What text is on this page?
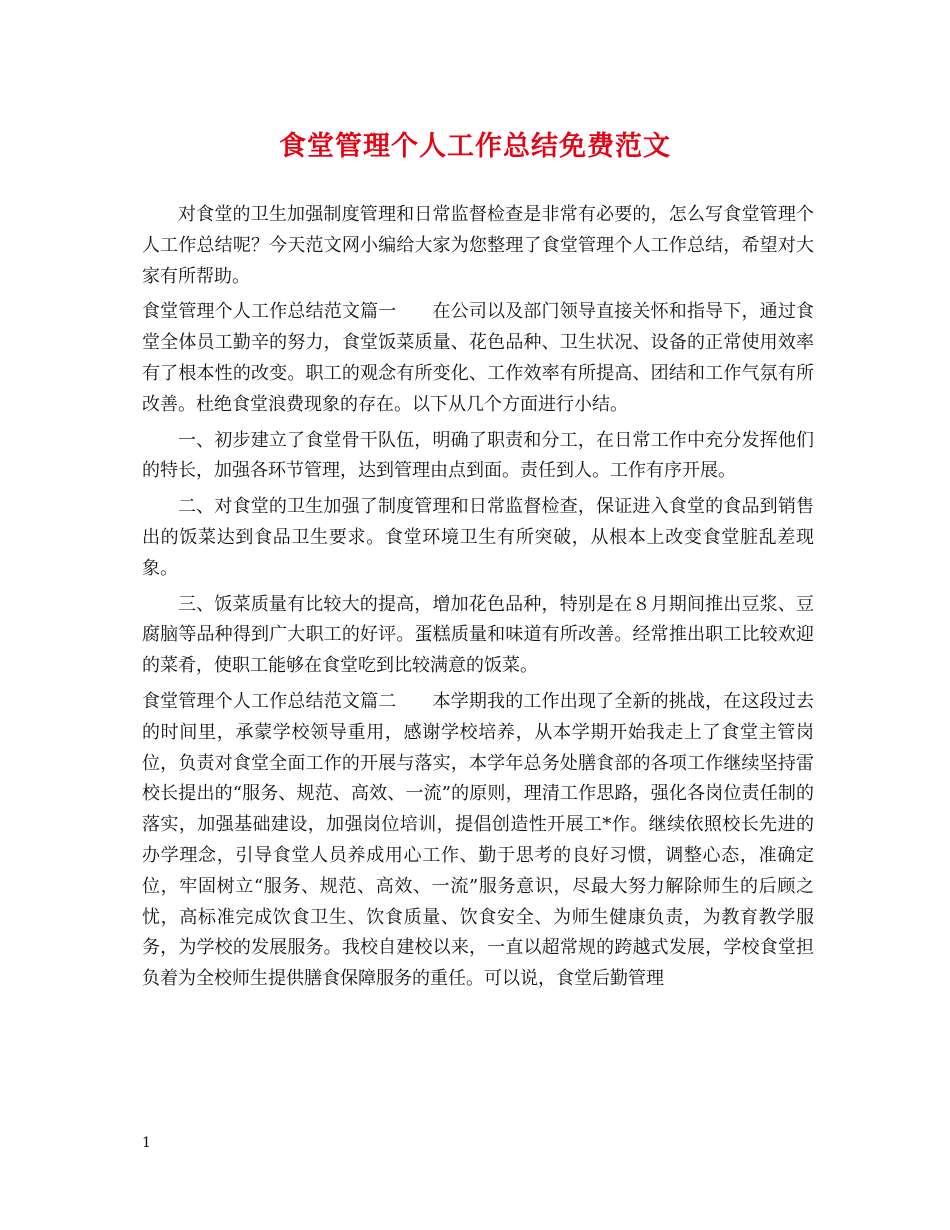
食堂管理个人工作总结免费范文

对食堂的卫生加强制度管理和日常监督检查是非常有必要的，怎么写食堂管理个人工作总结呢？今天范文网小编给大家为您整理了食堂管理个人工作总结，希望对大家有所帮助。

食堂管理个人工作总结范文篇一 在公司以及部门领导直接关怀和指导下，通过食堂全体员工勤辛的努力，食堂饭菜质量、花色品种、卫生状况、设备的正常使用效率有了根本性的改变。职工的观念有所变化、工作效率有所提高、团结和工作气氛有所改善。杜绝食堂浪费现象的存在。以下从几个方面进行小结。

一、初步建立了食堂骨干队伍，明确了职责和分工，在日常工作中充分发挥他们的特长，加强各环节管理，达到管理由点到面。责任到人。工作有序开展。

二、对食堂的卫生加强了制度管理和日常监督检查，保证进入食堂的食品到销售出的饭菜达到食品卫生要求。食堂环境卫生有所突破，从根本上改变食堂脏乱差现象。

三、饭菜质量有比较大的提高，增加花色品种，特别是在８月期间推出豆浆、豆腐脑等品种得到广大职工的好评。蛋糕质量和味道有所改善。经常推出职工比较欢迎的菜肴，使职工能够在食堂吃到比较满意的饭菜。

食堂管理个人工作总结范文篇二 本学期我的工作出现了全新的挑战，在这段过去的时间里，承蒙学校领导重用，感谢学校培养，从本学期开始我走上了食堂主管岗位，负责对食堂全面工作的开展与落实，本学年总务处膳食部的各项工作继续坚持雷校长提出的“服务、规范、高效、一流”的原则，理清工作思路，强化各岗位责任制的落实，加强基础建设，加强岗位培训，提倡创造性开展工*作。继续依照校长先进的办学理念，引导食堂人员养成用心工作、勤于思考的良好习惯，调整心态，准确定位，牢固树立“服务、规范、高效、一流”服务意识，尽最大努力解除师生的后顾之忧，高标准完成饮食卫生、饮食质量、饮食安全、为师生健康负责，为教育教学服务，为学校的发展服务。我校自建校以来，一直以超常规的跨越式发展，学校食堂担负着为全校师生提供膳食保障服务的重任。可以说，食堂后勤管理

1
